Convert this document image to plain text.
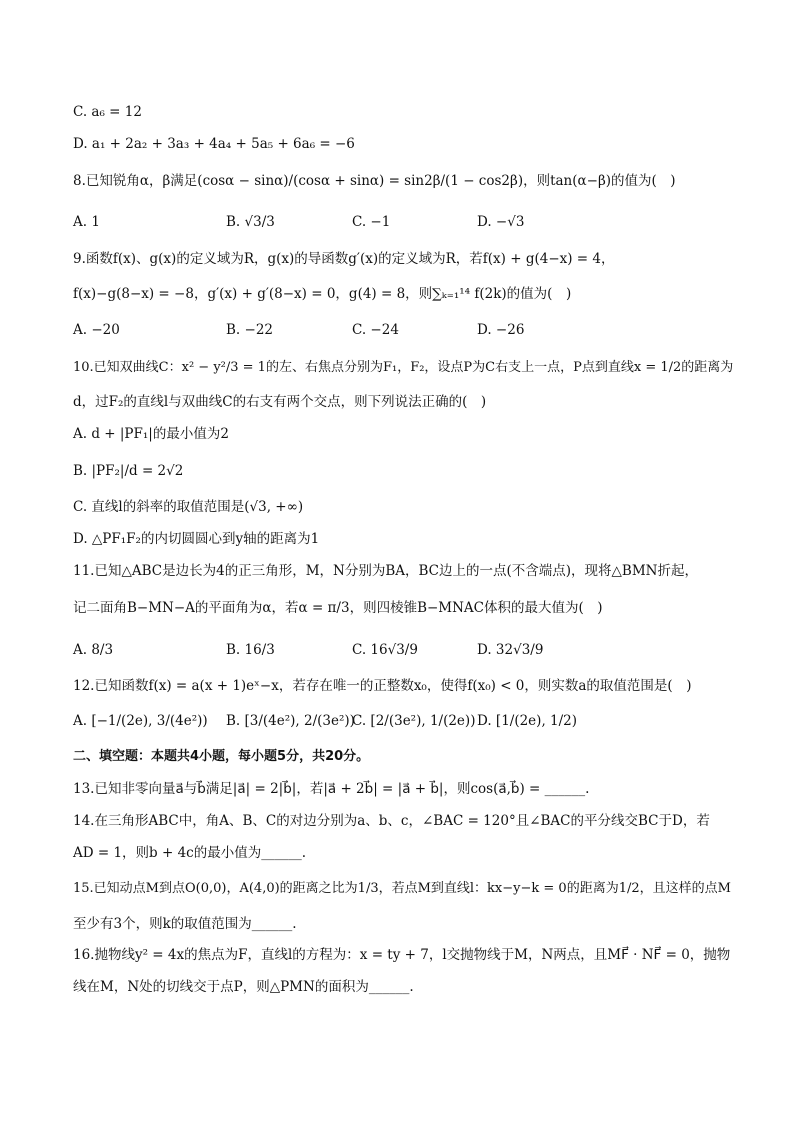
C. a₆ = 12
D. a₁ + 2a₂ + 3a₃ + 4a₄ + 5a₅ + 6a₆ = −6
8.已知锐角α，β满足(cosα − sinα)/(cosα + sinα) = sin2β/(1 − cos2β)，则tan(α−β)的值为(　)
A. 1	B. √3/3	C. −1	D. −√3
9.函数f(x)、g(x)的定义域为R，g(x)的导函数g′(x)的定义域为R，若f(x) + g(4−x) = 4，
f(x)−g(8−x) = −8，g′(x) + g′(8−x) = 0，g(4) = 8，则∑ₖ₌₁¹⁴ f(2k)的值为(　)
A. −20	B. −22	C. −24	D. −26
10.已知双曲线C：x² − y²/3 = 1的左、右焦点分别为F₁，F₂，设点P为C右支上一点，P点到直线x = 1/2的距离为
d，过F₂的直线l与双曲线C的右支有两个交点，则下列说法正确的(　)
A. d + |PF₁|的最小值为2
B. |PF₂|/d = 2√2
C. 直线l的斜率的取值范围是(√3, +∞)
D. △PF₁F₂的内切圆圆心到y轴的距离为1
11.已知△ABC是边长为4的正三角形，M，N分别为BA，BC边上的一点(不含端点)，现将△BMN折起，
记二面角B−MN−A的平面角为α，若α = π/3，则四棱锥B−MNAC体积的最大值为(　)
A. 8/3	B. 16/3	C. 16√3/9	D. 32√3/9
12.已知函数f(x) = a(x + 1)eˣ−x，若存在唯一的正整数x₀，使得f(x₀) < 0，则实数a的取值范围是(　)
A. [−1/(2e), 3/(4e²)) B. [3/(4e²), 2/(3e²))
C. [2/(3e²), 1/(2e)) D. [1/(2e), 1/2)
二、填空题：本题共4小题，每小题5分，共20分。
13.已知非零向量a⃗与b⃗满足|a⃗| = 2|b⃗|，若|a⃗ + 2b⃗| = |a⃗ + b⃗|，则cos(a⃗,b⃗) = ______.
14.在三角形ABC中，角A、B、C的对边分别为a、b、c，∠BAC = 120°且∠BAC的平分线交BC于D，若
AD = 1，则b + 4c的最小值为______.
15.已知动点M到点O(0,0)，A(4,0)的距离之比为1/3，若点M到直线l：kx−y−k = 0的距离为1/2，且这样的点M
至少有3个，则k的取值范围为______.
16.抛物线y² = 4x的焦点为F，直线l的方程为：x = ty + 7，l交抛物线于M，N两点，且MF⃗ · NF⃗ = 0，抛物
线在M，N处的切线交于点P，则△PMN的面积为______.
